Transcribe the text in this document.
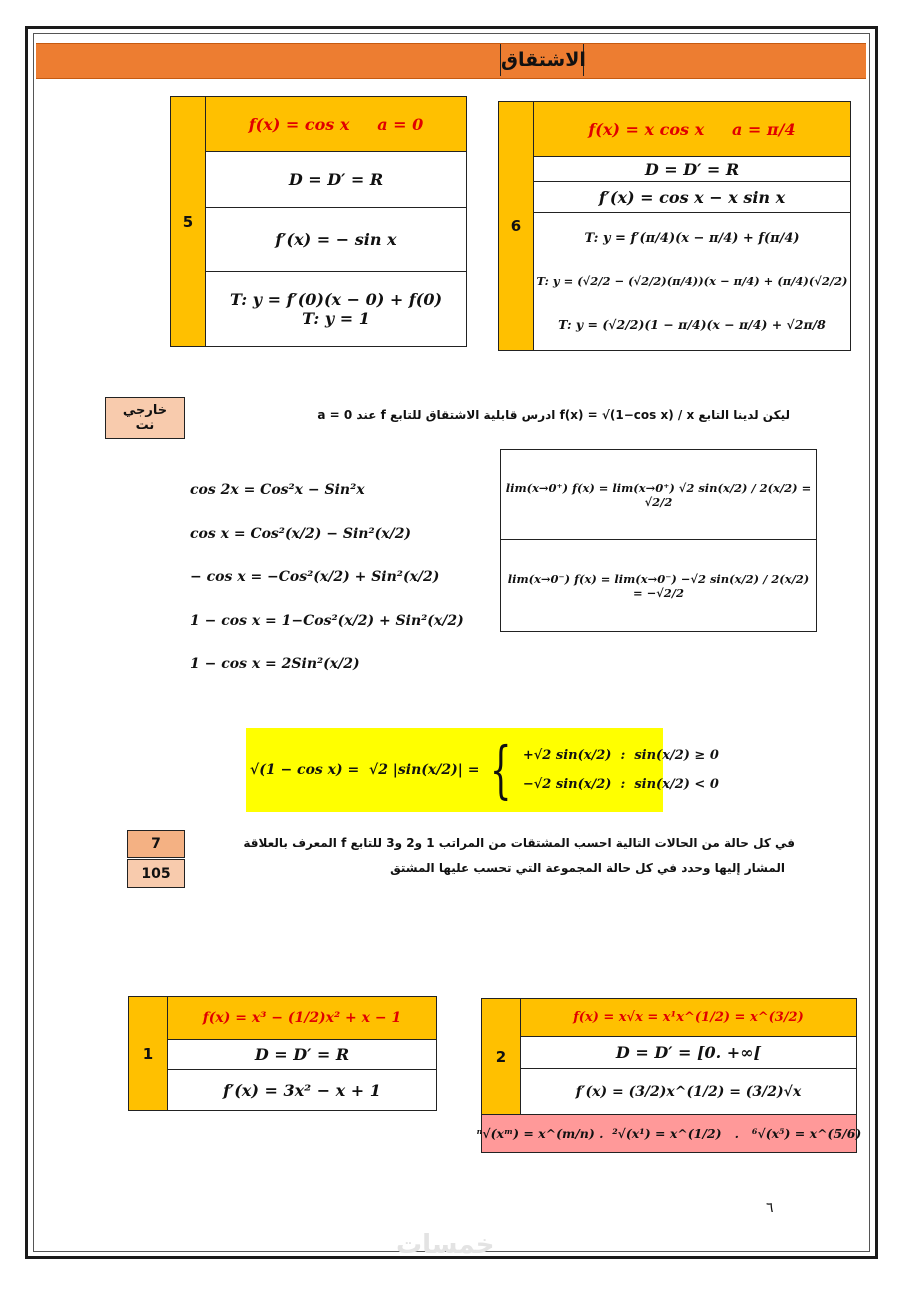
الاشتقاق
5
f(x) = cos x     a = 0
D = D′ = R
f′(x) = − sin x
T: y = f′(0)(x − 0) + f(0)
T: y = 1
6
f(x) = x cos x     a = π/4
D = D′ = R
f′(x) = cos x − x sin x
T: y = f′(π/4)(x − π/4) + f(π/4)
T: y = (√2/2 − (√2/2)(π/4))(x − π/4) + (π/4)(√2/2)
T: y = (√2/2)(1 − π/4)(x − π/4) + √2π/8
خارجي
نت
ليكن لدينا التابع f(x) = √(1−cos x) / x ادرس قابلية الاشتقاق للتابع f عند a = 0
cos 2x = Cos²x − Sin²x
cos x = Cos²(x/2) − Sin²(x/2)
− cos x = −Cos²(x/2) + Sin²(x/2)
1 − cos x = 1−Cos²(x/2) + Sin²(x/2)
1 − cos x = 2Sin²(x/2)
lim(x→0⁺) f(x) = lim(x→0⁺) √2 sin(x/2) / 2(x/2) = √2/2
lim(x→0⁻) f(x) = lim(x→0⁻) −√2 sin(x/2) / 2(x/2) = −√2/2
√(1 − cos x) =  √2 |sin(x/2)| = { +√2 sin(x/2)  :  sin(x/2) ≥ 0
−√2 sin(x/2)  :  sin(x/2) < 0
7
105
في كل حالة من الحالات التالية احسب المشتقات من المراتب 1 و2 و3 للتابع f المعرف بالعلاقة
المشار إليها وحدد في كل حالة المجموعة التي تحسب عليها المشتق
1
f(x) = x³ − (1/2)x² + x − 1
D = D′ = R
f′(x) = 3x² − x + 1
2
f(x) = x√x = x¹x^(1/2) = x^(3/2)
D = D′ = [0. +∞[
f′(x) = (3/2)x^(1/2) = (3/2)√x
ⁿ√(xᵐ) = x^(m/n) .  ²√(x¹) = x^(1/2)   .   ⁶√(x⁵) = x^(5/6)
٦
خمسات
